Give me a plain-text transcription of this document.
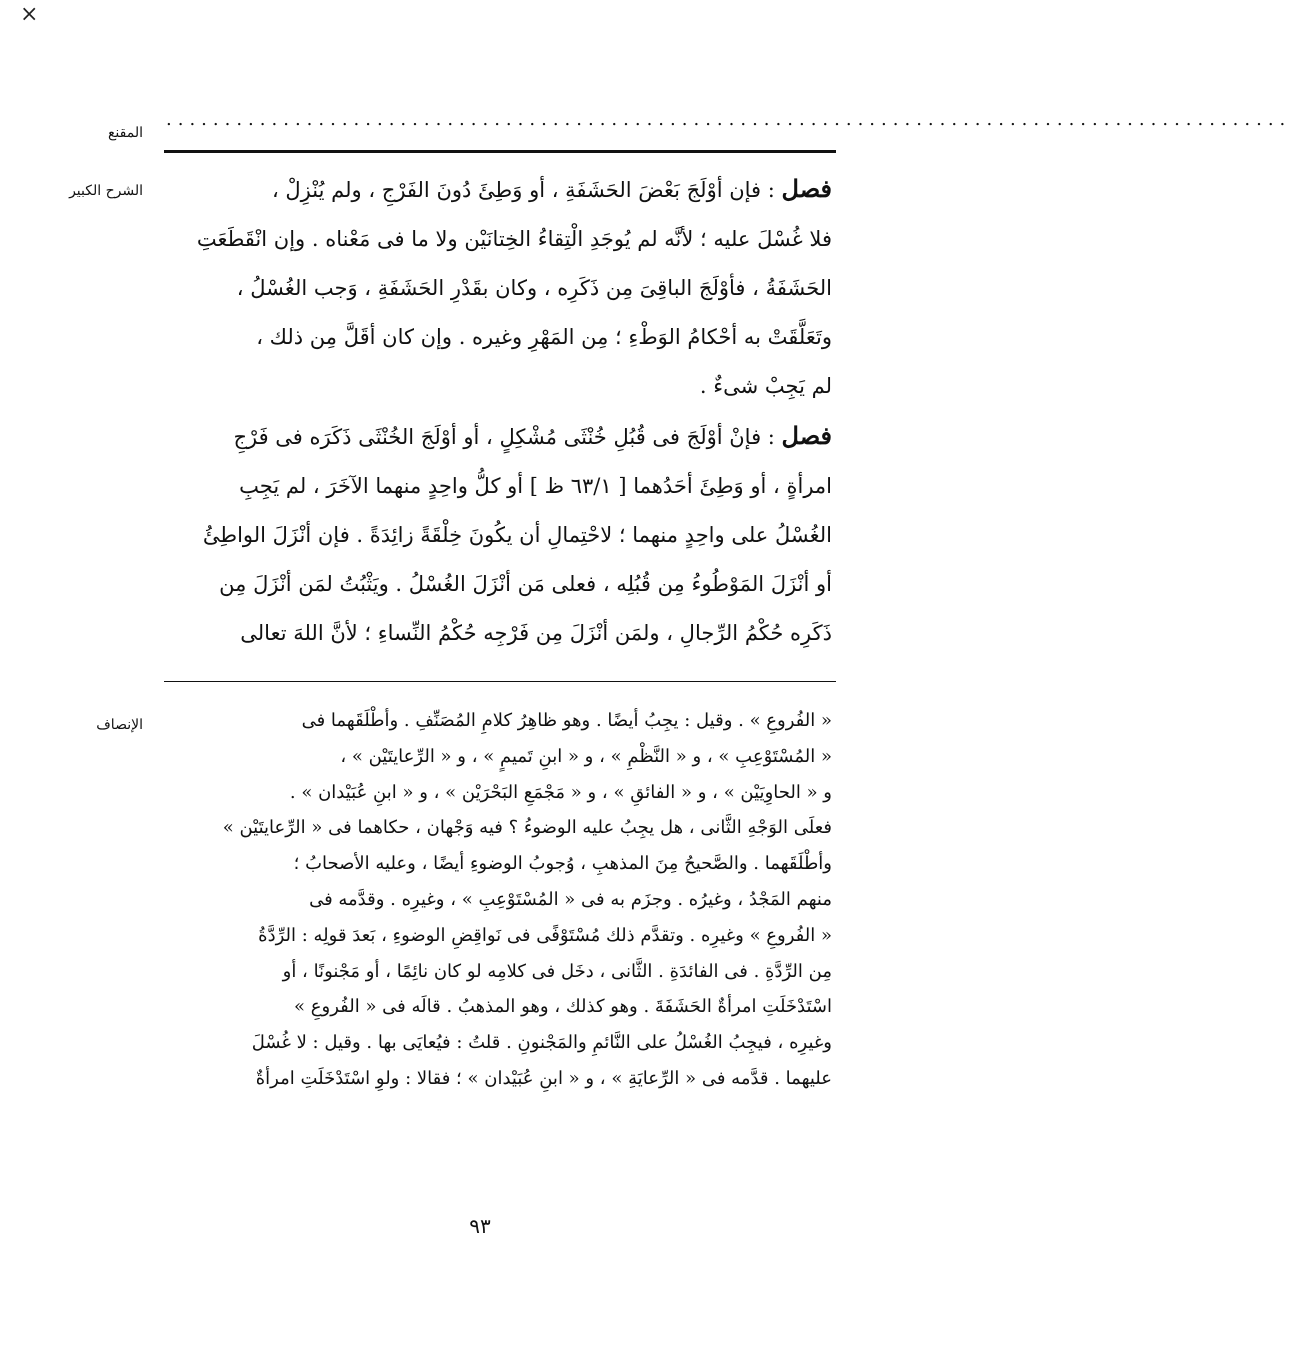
×
المقنع
................................................................................................
الشرح الكبير	فصل : فإن أوْلَجَ بَعْضَ الحَشَفَةِ ، أو وَطِئَ دُونَ الفَرْجِ ، ولم يُنْزِلْ ،

فلا غُسْلَ عليه ؛ لأنَّه لم يُوجَدِ الْتِقاءُ الخِتانَيْن ولا ما فى مَعْناه . وإن انْقَطَعَتِ

الحَشَفَةُ ، فأوْلَجَ الباقِىَ مِن ذَكَرِه ، وكان بقَدْرِ الحَشَفَةِ ، وَجب الغُسْلُ ،

وتَعَلَّقَتْ به أحْكامُ الوَطْءِ ؛ مِن المَهْرِ وغيره . وإن كان أقَلَّ مِن ذلك ،

لم يَجِبْ شىءٌ .

فصل : فإنْ أوْلَجَ فى قُبُلِ خُنْثَى مُشْكِلٍ ، أو أوْلَجَ الخُنْثَى ذَكَرَه فى فَرْجِ

امرأةٍ ، أو وَطِئَ أحَدُهما [ ٦٣/١ ظ ] أو كلُّ واحِدٍ منهما الآخَرَ ، لم يَجِبِ

الغُسْلُ على واحِدٍ منهما ؛ لاحْتِمالِ أن يكُونَ خِلْقَةً زائِدَةً . فإن أنْزَلَ الواطِئُ

أو أنْزَلَ المَوْطُوءُ مِن قُبُلِه ، فعلى مَن أنْزَلَ الغُسْلُ . ويَثْبُتُ لمَن أنْزَلَ مِن

ذَكَرِه حُكْمُ الرِّجالِ ، ولمَن أنْزَلَ مِن فَرْجِه حُكْمُ النِّساءِ ؛ لأنَّ اللهَ تعالى

الإنصاف	« الفُروعِ » . وقيل : يجِبُ أيضًا . وهو ظاهِرُ كلامِ المُصَنِّفِ . وأطْلَقَهما فى

« المُسْتَوْعِبِ » ، و « النَّظْمِ » ، و « ابنِ تَميمٍ » ، و « الرِّعايتَيْن » ،

و « الحاوِيَيْن » ، و « الفائقِ » ، و « مَجْمَعِ البَحْرَيْن » ، و « ابنِ عُبَيْدان » .

فعلَى الوَجْهِ الثَّانى ، هل يجِبُ عليه الوضوءُ ؟ فيه وَجْهان ، حكاهما فى « الرِّعايتَيْن »

وأطْلَقَهما . والصَّحيحُ مِنَ المذهبِ ، وُجوبُ الوضوءِ أيضًا ، وعليه الأصحابُ ؛

منهم المَجْدُ ، وغيرُه . وجزَم به فى « المُسْتَوْعِبِ » ، وغيرِه . وقدَّمه فى

« الفُروعِ » وغيرِه . وتقدَّم ذلك مُسْتَوْفًى فى نَواقِضِ الوضوءِ ، بَعدَ قولِه : الرِّدَّةُ

مِن الرِّدَّةِ . فى الفائدَةِ . الثَّانى ، دخَل فى كلامِه لو كان نائِمًا ، أو مَجْنونًا ، أو

اسْتَدْخَلَتِ امرأةٌ الحَشَفَةَ . وهو كذلك ، وهو المذهبُ . قالَه فى « الفُروعِ »

وغيرِه ، فيجِبُ الغُسْلُ على النَّائمِ والمَجْنونِ . قلتُ : فيُعايَى بها . وقيل : لا غُسْلَ

عليهما . قدَّمه فى « الرِّعايَةِ » ، و « ابنِ عُبَيْدان » ؛ فقالا : ولوِ اسْتَدْخَلَتِ امرأةٌ

٩٣
